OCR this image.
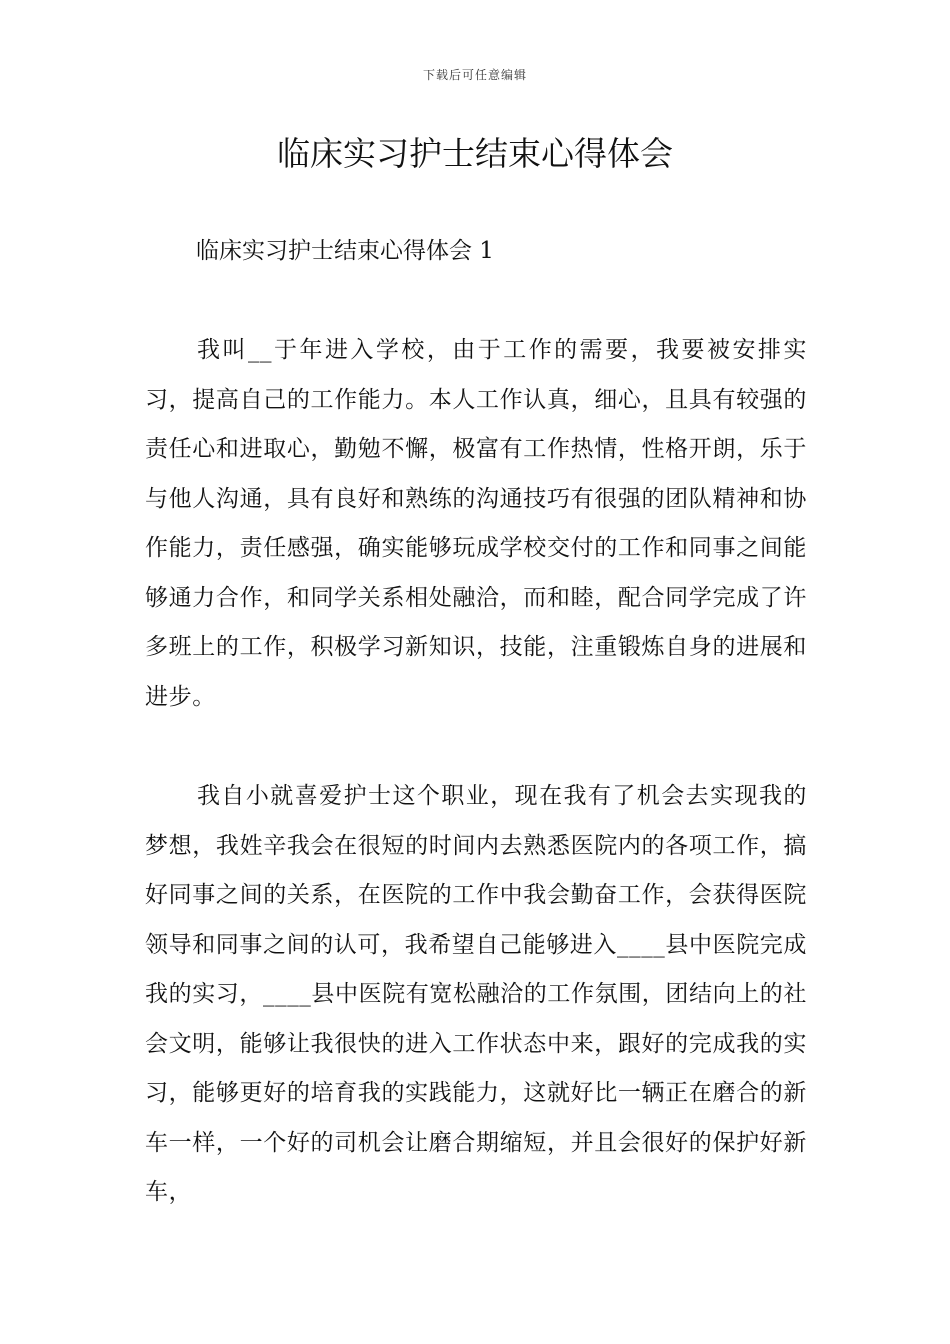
下载后可任意编辑
临床实习护士结束心得体会
临床实习护士结束心得体会 1

我叫__于年进入学校，由于工作的需要，我要被安排实习，提高自己的工作能力。本人工作认真，细心，且具有较强的责任心和进取心，勤勉不懈，极富有工作热情，性格开朗，乐于与他人沟通，具有良好和熟练的沟通技巧有很强的团队精神和协作能力，责任感强，确实能够玩成学校交付的工作和同事之间能够通力合作，和同学关系相处融洽，而和睦，配合同学完成了许多班上的工作，积极学习新知识，技能，注重锻炼自身的进展和进步。

我自小就喜爱护士这个职业，现在我有了机会去实现我的梦想，我姓辛我会在很短的时间内去熟悉医院内的各项工作，搞好同事之间的关系，在医院的工作中我会勤奋工作，会获得医院领导和同事之间的认可，我希望自己能够进入____县中医院完成我的实习，____县中医院有宽松融洽的工作氛围，团结向上的社会文明，能够让我很快的进入工作状态中来，跟好的完成我的实习，能够更好的培育我的实践能力，这就好比一辆正在磨合的新车一样，一个好的司机会让磨合期缩短，并且会很好的保护好新车，
